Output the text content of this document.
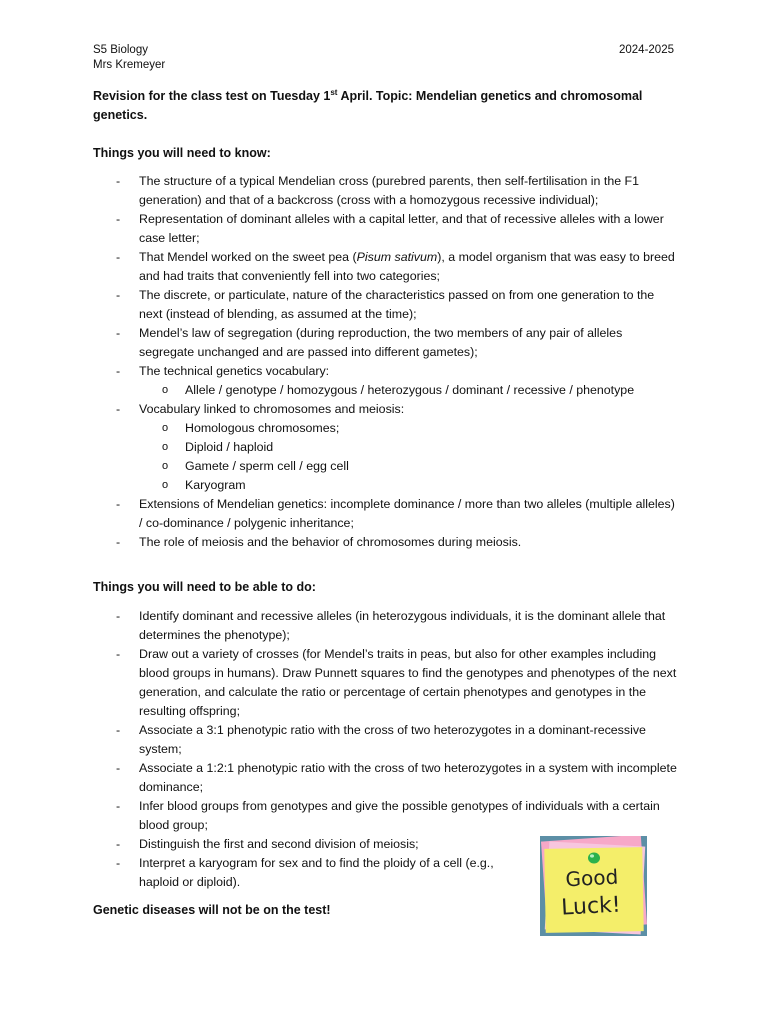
S5 Biology
Mrs Kremeyer
2024-2025
Revision for the class test on Tuesday 1st April. Topic: Mendelian genetics and chromosomal genetics.
Things you will need to know:
- The structure of a typical Mendelian cross (purebred parents, then self-fertilisation in the F1 generation) and that of a backcross (cross with a homozygous recessive individual);
- Representation of dominant alleles with a capital letter, and that of recessive alleles with a lower case letter;
- That Mendel worked on the sweet pea (Pisum sativum), a model organism that was easy to breed and had traits that conveniently fell into two categories;
- The discrete, or particulate, nature of the characteristics passed on from one generation to the next (instead of blending, as assumed at the time);
- Mendel’s law of segregation (during reproduction, the two members of any pair of alleles segregate unchanged and are passed into different gametes);
- The technical genetics vocabulary:
o Allele / genotype / homozygous / heterozygous / dominant / recessive / phenotype
- Vocabulary linked to chromosomes and meiosis:
o Homologous chromosomes;
o Diploid / haploid
o Gamete / sperm cell / egg cell
o Karyogram
- Extensions of Mendelian genetics: incomplete dominance / more than two alleles (multiple alleles) / co-dominance / polygenic inheritance;
- The role of meiosis and the behavior of chromosomes during meiosis.
Things you will need to be able to do:
- Identify dominant and recessive alleles (in heterozygous individuals, it is the dominant allele that determines the phenotype);
- Draw out a variety of crosses (for Mendel’s traits in peas, but also for other examples including blood groups in humans). Draw Punnett squares to find the genotypes and phenotypes of the next generation, and calculate the ratio or percentage of certain phenotypes and genotypes in the resulting offspring;
- Associate a 3:1 phenotypic ratio with the cross of two heterozygotes in a dominant-recessive system;
- Associate a 1:2:1 phenotypic ratio with the cross of two heterozygotes in a system with incomplete dominance;
- Infer blood groups from genotypes and give the possible genotypes of individuals with a certain blood group;
- Distinguish the first and second division of meiosis;
- Interpret a karyogram for sex and to find the ploidy of a cell (e.g., haploid or diploid).
Genetic diseases will not be on the test!
Good
Luck!
